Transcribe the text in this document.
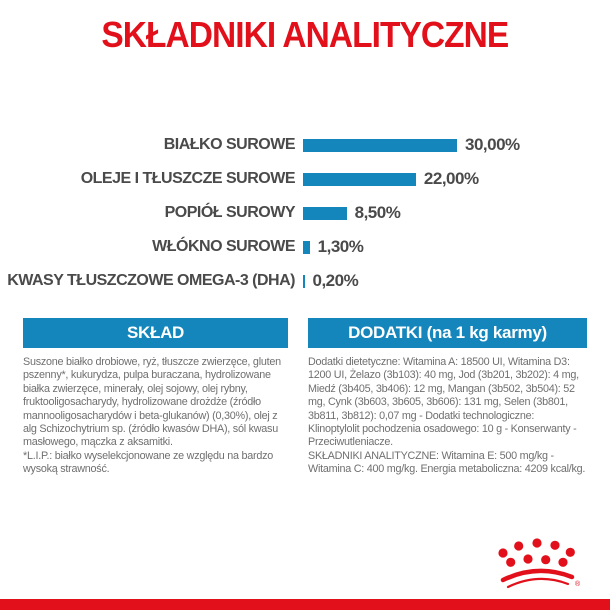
SKŁADNIKI ANALITYCZNE
BIAŁKO SUROWE	30,00%
OLEJE I TŁUSZCZE SUROWE	22,00%
POPIÓŁ SUROWY	8,50%
WŁÓKNO SUROWE 1,30%
KWASY TŁUSZCZOWE OMEGA-3 (DHA) 0,20%
SKŁAD

Suszone białko drobiowe, ryż, tłuszcze zwierzęce, gluten pszenny*, kukurydza, pulpa buraczana, hydrolizowane białka zwierzęce, minerały, olej sojowy, olej rybny, fruktooligosacharydy, hydrolizowane drożdże (źródło mannooligosacharydów i beta-glukanów) (0,30%), olej z alg Schizochytrium sp. (źródło kwasów DHA), sól kwasu masłowego, mączka z aksamitki.

*L.I.P.: białko wyselekcjonowane ze względu na bardzo wysoką strawność.

DODATKI (na 1 kg karmy)

Dodatki dietetyczne: Witamina A: 18500 UI, Witamina D3: 1200 UI, Żelazo (3b103): 40 mg, Jod (3b201, 3b202): 4 mg, Miedź (3b405, 3b406): 12 mg, Mangan (3b502, 3b504): 52 mg, Cynk (3b603, 3b605, 3b606): 131 mg, Selen (3b801, 3b811, 3b812): 0,07 mg - Dodatki technologiczne: Klinoptylolit pochodzenia osadowego: 10 g - Konserwanty - Przeciwutleniacze.

SKŁADNIKI ANALITYCZNE: Witamina E: 500 mg/kg - Witamina C: 400 mg/kg. Energia metaboliczna: 4209 kcal/kg.

®
